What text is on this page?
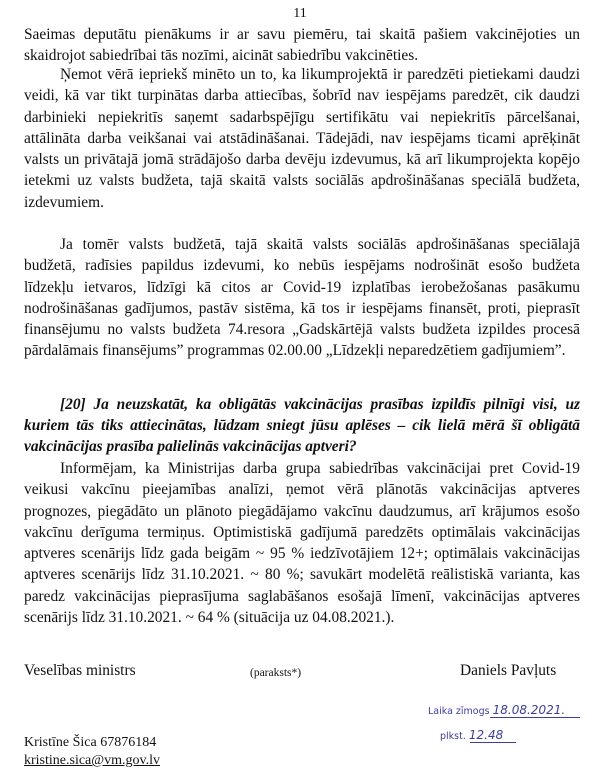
11

Saeimas deputātu pienākums ir ar savu piemēru, tai skaitā pašiem vakcinējoties un skaidrojot sabiedrībai tās nozīmi, aicināt sabiedrību vakcinēties.

Ņemot vērā iepriekš minēto un to, ka likumprojektā ir paredzēti pietiekami daudzi veidi, kā var tikt turpinātas darba attiecības, šobrīd nav iespējams paredzēt, cik daudzi darbinieki nepiekritīs saņemt sadarbspējīgu sertifikātu vai nepiekritīs pārcelšanai, attālināta darba veikšanai vai atstādināšanai. Tādejādi, nav iespējams ticami aprēķināt valsts un privātajā jomā strādājošo darba devēju izdevumus, kā arī likumprojekta kopējo ietekmi uz valsts budžeta, tajā skaitā valsts sociālās apdrošināšanas speciālā budžeta, izdevumiem.

Ja tomēr valsts budžetā, tajā skaitā valsts sociālās apdrošināšanas speciālajā budžetā, radīsies papildus izdevumi, ko nebūs iespējams nodrošināt esošo budžeta līdzekļu ietvaros, līdzīgi kā citos ar Covid-19 izplatības ierobežošanas pasākumu nodrošināšanas gadījumos, pastāv sistēma, kā tos ir iespējams finansēt, proti, pieprasīt finansējumu no valsts budžeta 74.resora „Gadskārtējā valsts budžeta izpildes procesā pārdalāmais finansējums” programmas 02.00.00 „Līdzekļi neparedzētiem gadījumiem”.

[20] Ja neuzskatāt, ka obligātās vakcinācijas prasības izpildīs pilnīgi visi, uz kuriem tās tiks attiecinātas, lūdzam sniegt jūsu aplēses – cik lielā mērā šī obligātā vakcinācijas prasība palielinās vakcinācijas aptveri?

Informējam, ka Ministrijas darba grupa sabiedrības vakcinācijai pret Covid-19 veikusi vakcīnu pieejamības analīzi, ņemot vērā plānotās vakcinācijas aptveres prognozes, piegādāto un plānoto piegādājamo vakcīnu daudzumus, arī krājumos esošo vakcīnu derīguma termiņus. Optimistiskā gadījumā paredzēts optimālais vakcinācijas aptveres scenārijs līdz gada beigām ~ 95 % iedzīvotājiem 12+; optimālais vakcinācijas aptveres scenārijs līdz 31.10.2021. ~ 80 %; savukārt modelētā reālistiskā varianta, kas paredz vakcinācijas pieprasījuma saglabāšanos esošajā līmenī, vakcinācijas aptveres scenārijs līdz 31.10.2021. ~ 64 % (situācija uz 04.08.2021.).

Veselības ministrs	(paraksts*)	Daniels Pavļuts
Laika zīmogs 18.08.2021.
plkst. 12.48
Kristīne Šica 67876184
kristine.sica@vm.gov.lv
